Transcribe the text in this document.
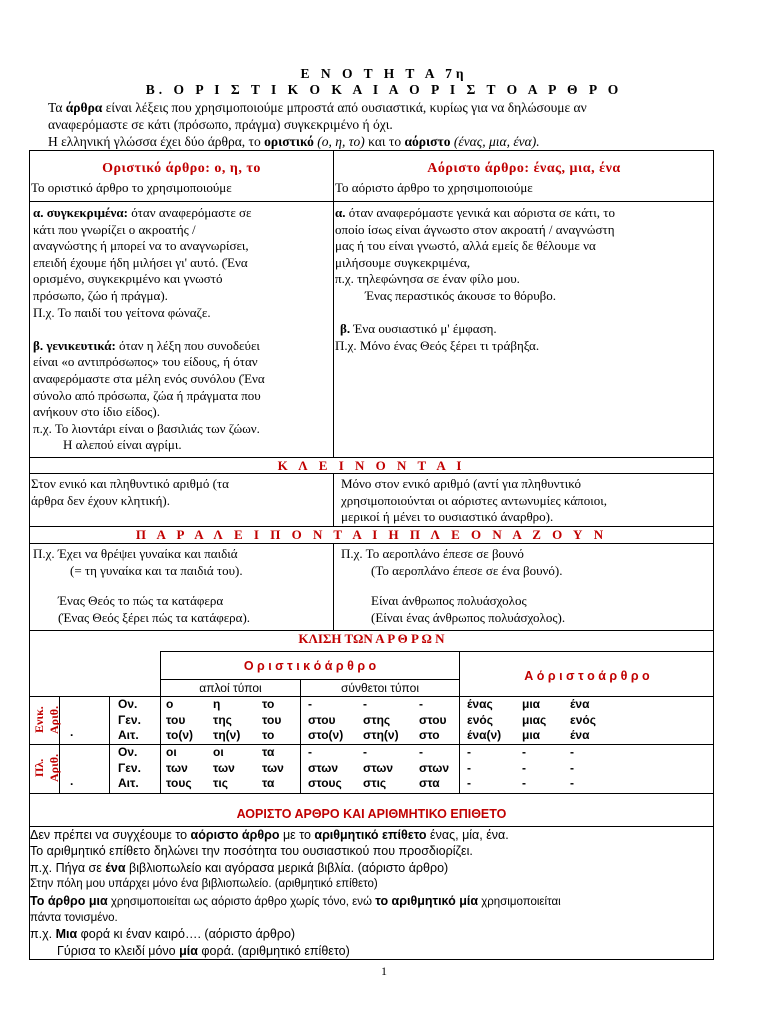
Ε Ν Ο Τ Η Τ Α 7η
Β. Ο Ρ Ι Σ Τ Ι Κ Ο Κ Α Ι Α Ο Ρ Ι Σ Τ Ο Α Ρ Θ Ρ Ο
Τα άρθρα είναι λέξεις που χρησιμοποιούμε μπροστά από ουσιαστικά, κυρίως για να δηλώσουμε αν
αναφερόμαστε σε κάτι (πρόσωπο, πράγμα) συγκεκριμένο ή όχι.
Η ελληνική γλώσσα έχει δύο άρθρα, το οριστικό (ο, η, το) και το αόριστο (ένας, μια, ένα).
Οριστικό άρθρο: ο, η, το
Το οριστικό άρθρο το χρησιμοποιούμε
α. συγκεκριμένα: όταν αναφερόμαστε σε
κάτι που γνωρίζει ο ακροατής /
αναγνώστης ή μπορεί να το αναγνωρίσει,
επειδή έχουμε ήδη μιλήσει γι' αυτό. (Ένα
ορισμένο, συγκεκριμένο και γνωστό
πρόσωπο, ζώο ή πράγμα).
Π.χ. Το παιδί του γείτονα φώναζε.
β. γενικευτικά: όταν η λέξη που συνοδεύει
είναι «ο αντιπρόσωπος» του είδους, ή όταν
αναφερόμαστε στα μέλη ενός συνόλου (Ένα
σύνολο από πρόσωπα, ζώα ή πράγματα που
ανήκουν στο ίδιο είδος).
π.χ. Το λιοντάρι είναι ο βασιλιάς των ζώων.
Η αλεπού είναι αγρίμι.
Αόριστο άρθρο: ένας, μια, ένα
Το αόριστο άρθρο το χρησιμοποιούμε
α. όταν αναφερόμαστε γενικά και αόριστα σε κάτι, το
οποίο ίσως είναι άγνωστο στον ακροατή / αναγνώστη
μας ή του είναι γνωστό, αλλά εμείς δε θέλουμε να
μιλήσουμε συγκεκριμένα,
π.χ. τηλεφώνησα σε έναν φίλο μου.
Ένας περαστικός άκουσε το θόρυβο.
β. Ένα ουσιαστικό μ' έμφαση.
Π.χ. Μόνο ένας Θεός ξέρει τι τράβηξα.
Κ Λ Ε Ι Ν Ο Ν Τ Α Ι
Στον ενικό και πληθυντικό αριθμό (τα
άρθρα δεν έχουν κλητική).
Μόνο στον ενικό αριθμό (αντί για πληθυντικό
χρησιμοποιούνται οι αόριστες αντωνυμίες κάποιοι,
μερικοί ή μένει το ουσιαστικό άναρθρο).
Π Α Ρ Α Λ Ε Ι Π Ο Ν Τ Α Ι Η Π Λ Ε Ο Ν Α Ζ Ο Υ Ν
Π.χ. Έχει να θρέψει γυναίκα και παιδιά
(= τη γυναίκα και τα παιδιά του).
Ένας Θεός το πώς τα κατάφερα
(Ένας Θεός ξέρει πώς τα κατάφερα).
Π.χ. Το αεροπλάνο έπεσε σε βουνό
(Το αεροπλάνο έπεσε σε ένα βουνό).
Είναι άνθρωπος πολυάσχολος
(Είναι ένας άνθρωπος πολυάσχολος).
ΚΛΙΣΗ ΤΩΝ Α Ρ Θ Ρ Ω Ν
Ο ρ ι σ τ ι κ ό ά ρ θ ρ ο
απλοί τύποι	σύνθετοι τύποι
Α ό ρ ι σ τ ο ά ρ θ ρ ο
Ενικ. Αριθ.
Πλ. Αριθ.
.
.
Ον. ο	η	το	-	-	-	ένας μια ένα
Γεν. του της	του στου στης στου ενός μιας ενός
Αιτ. το(ν) τη(ν) το	στο(ν) στη(ν) στο ένα(ν) μια ένα
Ον. οι	οι	τα	-	-	-	-	-	-
Γεν. των των των στων στων στων -	-	-
Αιτ. τους τις	τα	στους στις	στα -	-	-
ΑΟΡΙΣΤΟ ΑΡΘΡΟ ΚΑΙ ΑΡΙΘΜΗΤΙΚΟ ΕΠΙΘΕΤΟ
Δεν πρέπει να συγχέουμε το αόριστο άρθρο με το αριθμητικό επίθετο ένας, μία, ένα.
Το αριθμητικό επίθετο δηλώνει την ποσότητα του ουσιαστικού που προσδιορίζει.
π.χ. Πήγα σε ένα βιβλιοπωλείο και αγόρασα μερικά βιβλία. (αόριστο άρθρο)
Στην πόλη μου υπάρχει μόνο ένα βιβλιοπωλείο. (αριθμητικό επίθετο)
Το άρθρο μια χρησιμοποιείται ως αόριστο άρθρο χωρίς τόνο, ενώ το αριθμητικό μία χρησιμοποιείται
πάντα τονισμένο.
π.χ. Μια φορά κι έναν καιρό…. (αόριστο άρθρο)
Γύρισα το κλειδί μόνο μία φορά. (αριθμητικό επίθετο)
1
